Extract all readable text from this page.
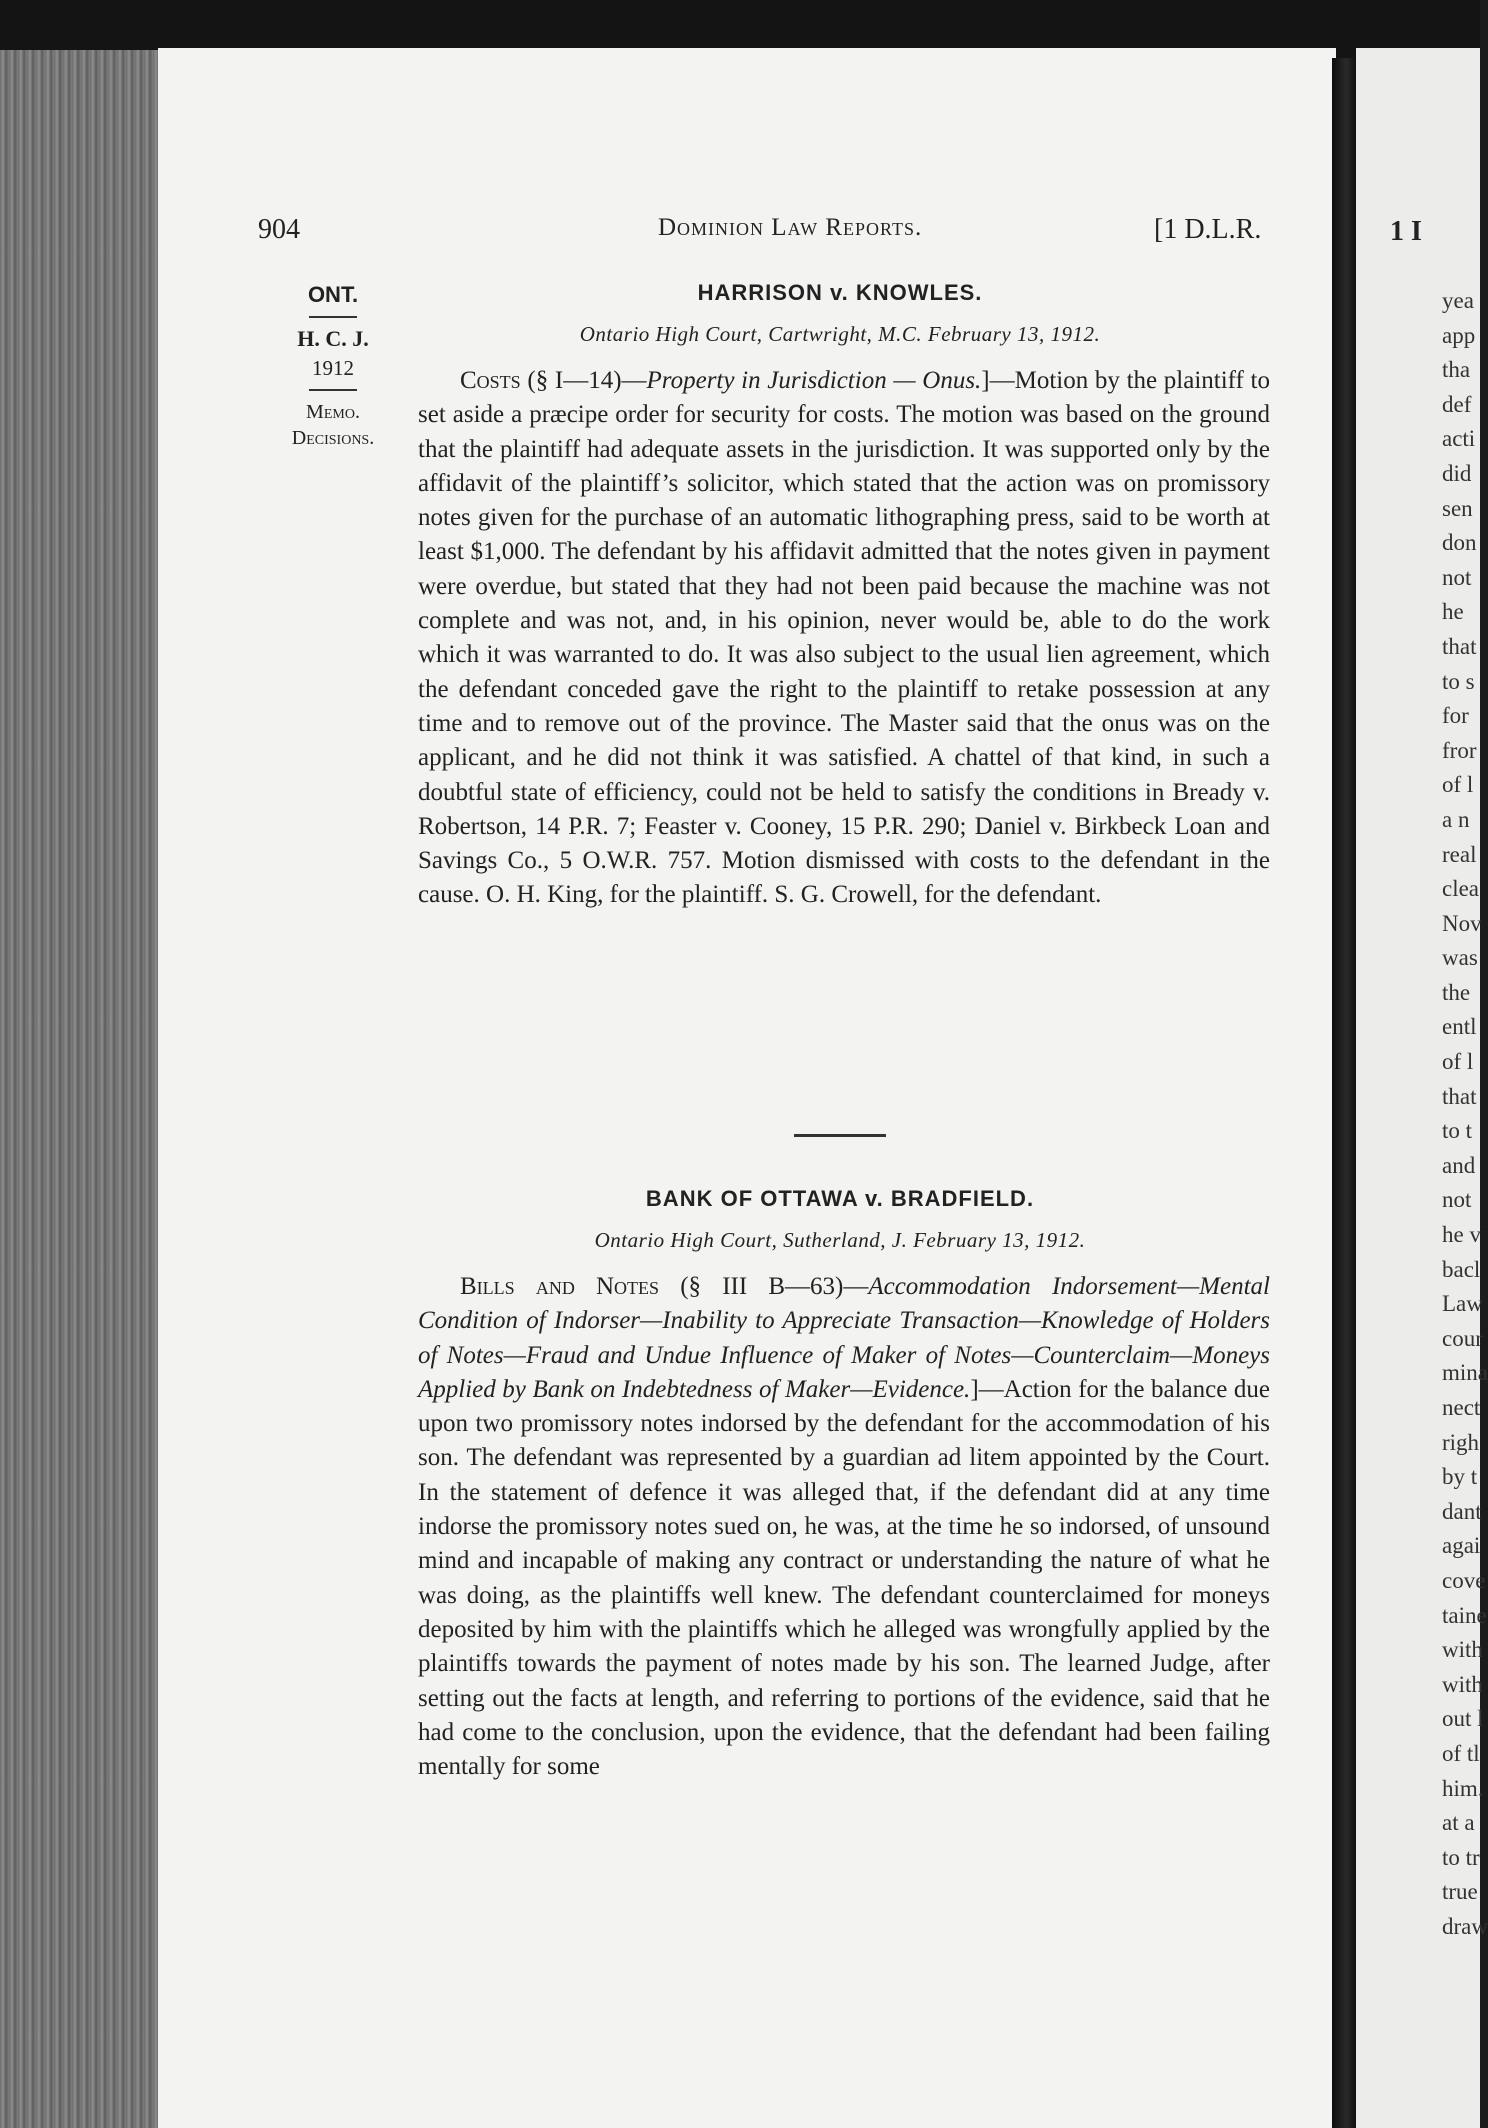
904	Dominion Law Reports.	[1 D.L.R.

ONT.
H. C. J.
1912
Memo.
Decisions.

HARRISON v. KNOWLES.

Ontario High Court, Cartwright, M.C. February 13, 1912.

Costs (§ I—14)—Property in Jurisdiction — Onus.]—Motion by the plaintiff to set aside a præcipe order for security for costs. The motion was based on the ground that the plaintiff had adequate assets in the jurisdiction. It was supported only by the affidavit of the plaintiff’s solicitor, which stated that the action was on promissory notes given for the purchase of an automatic lithographing press, said to be worth at least $1,000. The defendant by his affidavit admitted that the notes given in payment were overdue, but stated that they had not been paid because the machine was not complete and was not, and, in his opinion, never would be, able to do the work which it was warranted to do. It was also subject to the usual lien agreement, which the defendant conceded gave the right to the plaintiff to retake possession at any time and to remove out of the province. The Master said that the onus was on the applicant, and he did not think it was satisfied. A chattel of that kind, in such a doubtful state of efficiency, could not be held to satisfy the conditions in Bready v. Robertson, 14 P.R. 7; Feaster v. Cooney, 15 P.R. 290; Daniel v. Birkbeck Loan and Savings Co., 5 O.W.R. 757. Motion dismissed with costs to the defendant in the cause. O. H. King, for the plaintiff. S. G. Crowell, for the defendant.

BANK OF OTTAWA v. BRADFIELD.

Ontario High Court, Sutherland, J. February 13, 1912.

Bills and Notes (§ III B—63)—Accommodation Indorsement—Mental Condition of Indorser—Inability to Appreciate Transaction—Knowledge of Holders of Notes—Fraud and Undue Influence of Maker of Notes—Counterclaim—Moneys Applied by Bank on Indebtedness of Maker—Evidence.]—Action for the balance due upon two promissory notes indorsed by the defendant for the accommodation of his son. The defendant was represented by a guardian ad litem appointed by the Court. In the statement of defence it was alleged that, if the defendant did at any time indorse the promissory notes sued on, he was, at the time he so indorsed, of unsound mind and incapable of making any contract or understanding the nature of what he was doing, as the plaintiffs well knew. The defendant counterclaimed for moneys deposited by him with the plaintiffs which he alleged was wrongfully applied by the plaintiffs towards the payment of notes made by his son. The learned Judge, after setting out the facts at length, and referring to portions of the evidence, said that he had come to the conclusion, upon the evidence, that the defendant had been failing mentally for some

1 I

yea
app
tha
def
acti
did
sen
don
not
he
that
to s
for
fror
of l
a n
real
clea
Nov
was
the
entl
of l
that
to t
and
not
he v
bacl
Law
cour
mina
nect
righ
by t
dant
agai
cove
taine
with
with
out l
of tl
him.
at a
to tr
true
draw
